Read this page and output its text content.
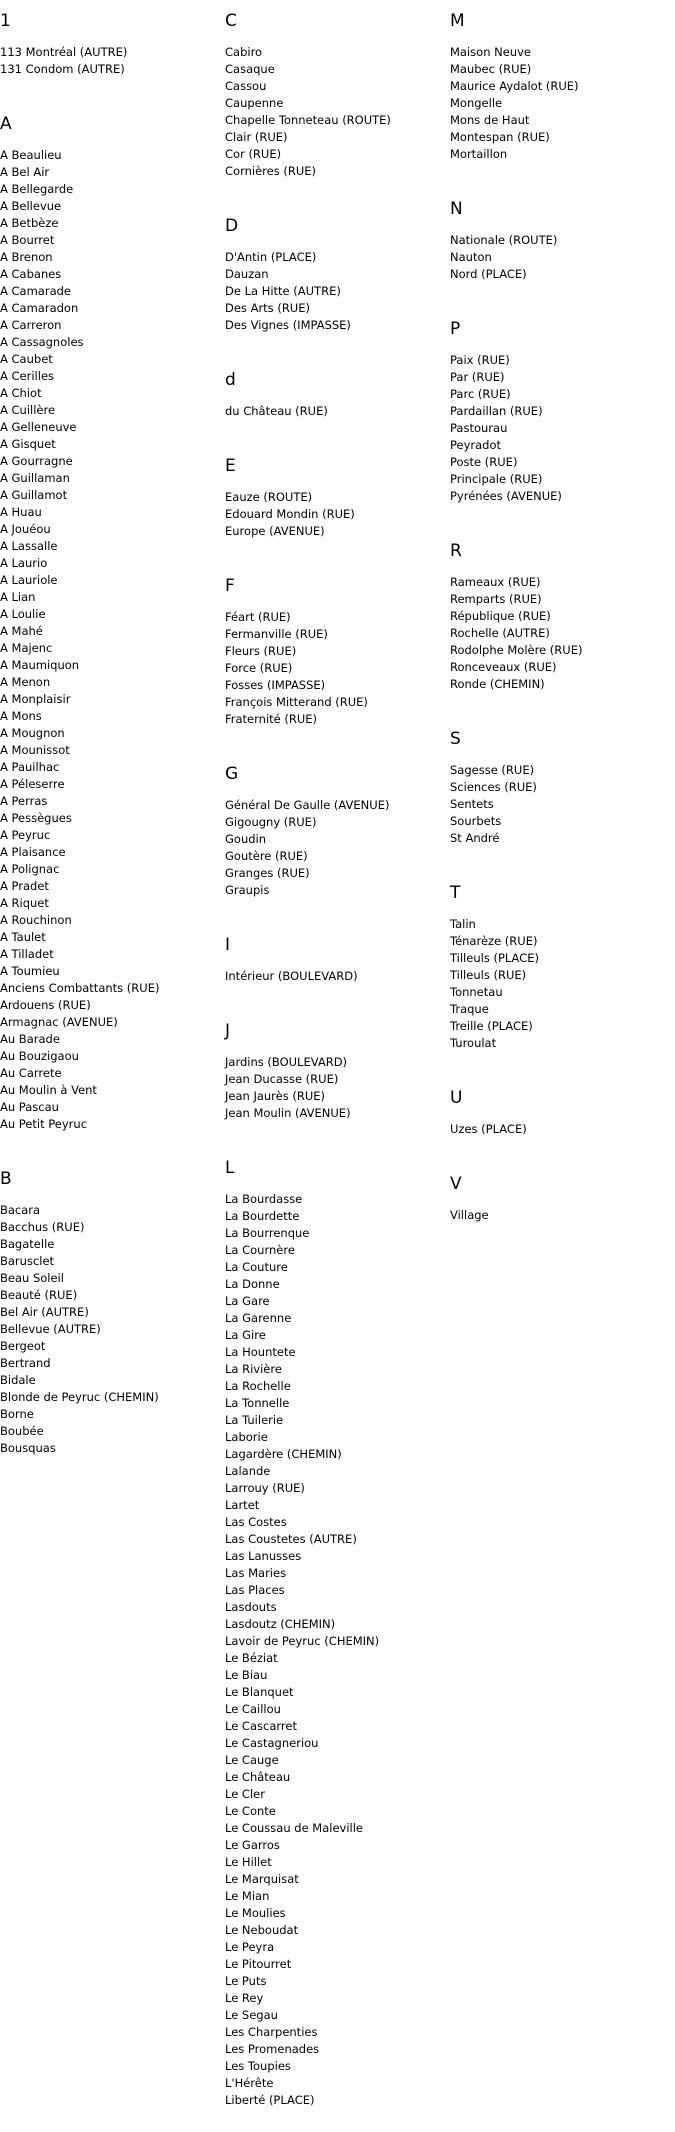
1
113 Montréal (AUTRE)
131 Condom (AUTRE)
A
A Beaulieu
A Bel Air
A Bellegarde
A Bellevue
A Betbèze
A Bourret
A Brenon
A Cabanes
A Camarade
A Camaradon
A Carreron
A Cassagnoles
A Caubet
A Cerilles
A Chiot
A Cuillère
A Gelleneuve
A Gisquet
A Gourragne
A Guillaman
A Guillamot
A Huau
A Jouéou
A Lassalle
A Laurio
A Lauriole
A Lian
A Loulie
A Mahé
A Majenc
A Maumiquon
A Menon
A Monplaisir
A Mons
A Mougnon
A Mounissot
A Pauilhac
A Péleserre
A Perras
A Pessègues
A Peyruc
A Plaisance
A Polignac
A Pradet
A Riquet
A Rouchinon
A Taulet
A Tilladet
A Toumieu
Anciens Combattants (RUE)
Ardouens (RUE)
Armagnac (AVENUE)
Au Barade
Au Bouzigaou
Au Carrete
Au Moulin à Vent
Au Pascau
Au Petit Peyruc
B
Bacara
Bacchus (RUE)
Bagatelle
Barusclet
Beau Soleil
Beauté (RUE)
Bel Air (AUTRE)
Bellevue (AUTRE)
Bergeot
Bertrand
Bidale
Blonde de Peyruc (CHEMIN)
Borne
Boubée
Bousquas
C
Cabiro
Casaque
Cassou
Caupenne
Chapelle Tonneteau (ROUTE)
Clair (RUE)
Cor (RUE)
Cornières (RUE)
D
D'Antin (PLACE)
Dauzan
De La Hitte (AUTRE)
Des Arts (RUE)
Des Vignes (IMPASSE)
d
du Château (RUE)
E
Eauze (ROUTE)
Edouard Mondin (RUE)
Europe (AVENUE)
F
Féart (RUE)
Fermanville (RUE)
Fleurs (RUE)
Force (RUE)
Fosses (IMPASSE)
François Mitterand (RUE)
Fraternité (RUE)
G
Général De Gaulle (AVENUE)
Gigougny (RUE)
Goudin
Goutère (RUE)
Granges (RUE)
Graupis
I
Intérieur (BOULEVARD)
J
Jardins (BOULEVARD)
Jean Ducasse (RUE)
Jean Jaurès (RUE)
Jean Moulin (AVENUE)
L
La Bourdasse
La Bourdette
La Bourrenque
La Cournère
La Couture
La Donne
La Gare
La Garenne
La Gire
La Hountete
La Rivière
La Rochelle
La Tonnelle
La Tuilerie
Laborie
Lagardère (CHEMIN)
Lalande
Larrouy (RUE)
Lartet
Las Costes
Las Coustetes (AUTRE)
Las Lanusses
Las Maries
Las Places
Lasdouts
Lasdoutz (CHEMIN)
Lavoir de Peyruc (CHEMIN)
Le Béziat
Le Biau
Le Blanquet
Le Caillou
Le Cascarret
Le Castagneriou
Le Cauge
Le Château
Le Cler
Le Conte
Le Coussau de Maleville
Le Garros
Le Hillet
Le Marquisat
Le Mian
Le Moulies
Le Neboudat
Le Peyra
Le Pitourret
Le Puts
Le Rey
Le Segau
Les Charpenties
Les Promenades
Les Toupies
L'Hérête
Liberté (PLACE)
M
Maison Neuve
Maubec (RUE)
Maurice Aydalot (RUE)
Mongelle
Mons de Haut
Montespan (RUE)
Mortaillon
N
Nationale (ROUTE)
Nauton
Nord (PLACE)
P
Paix (RUE)
Par (RUE)
Parc (RUE)
Pardaillan (RUE)
Pastourau
Peyradot
Poste (RUE)
Principale (RUE)
Pyrénées (AVENUE)
R
Rameaux (RUE)
Remparts (RUE)
République (RUE)
Rochelle (AUTRE)
Rodolphe Molère (RUE)
Ronceveaux (RUE)
Ronde (CHEMIN)
S
Sagesse (RUE)
Sciences (RUE)
Sentets
Sourbets
St André
T
Talin
Ténarèze (RUE)
Tilleuls (PLACE)
Tilleuls (RUE)
Tonnetau
Traque
Treille (PLACE)
Turoulat
U
Uzes (PLACE)
V
Village
